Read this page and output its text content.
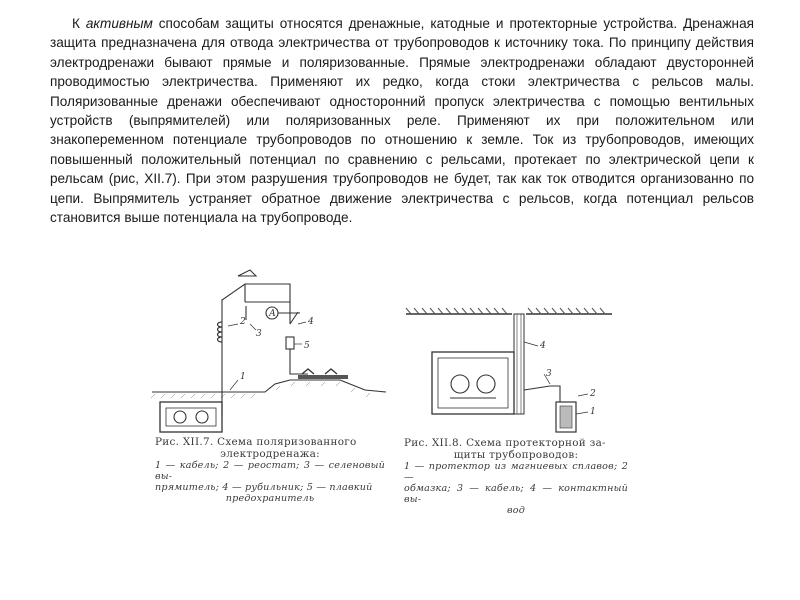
К активным способам защиты относятся дренажные, катодные и протекторные устройства. Дренажная защита предназначена для отвода электричества от трубопроводов к источнику тока. По принципу действия электродренажи бывают прямые и поляризованные. Прямые электродренажи обладают двусторонней проводимостью электричества. Применяют их редко, когда стоки электричества с рельсов малы. Поляризованные дренажи обеспечивают односторонний пропуск электричества с помощью вентильных устройств (выпрямителей) или поляризованных реле. Применяют их при положительном или знакопеременном потенциале трубопроводов по отношению к земле. Ток из трубопроводов, имеющих повышенный положительный потенциал по сравнению с рельсами, протекает по электрической цепи к рельсам (рис, XII.7). При этом разрушения трубопроводов не будет, так как ток отводится организованно по цепи. Выпрямитель устраняет обратное движение электричества с рельсов, когда потенциал рельсов становится выше потенциала на трубопроводе.

1
2
3
4
5
А
Рис. XII.7. Схема поляризованного
электродренажа:
1 — кабель; 2 — реостат; 3 — селеновый вы-
прямитель; 4 — рубильник; 5 — плавкий
предохранитель
4
3
2
1
Рис. XII.8. Схема протекторной за-
щиты трубопроводов:
1 — протектор из магниевых сплавов; 2 —
обмазка; 3 — кабель; 4 — контактный вы-
вод
